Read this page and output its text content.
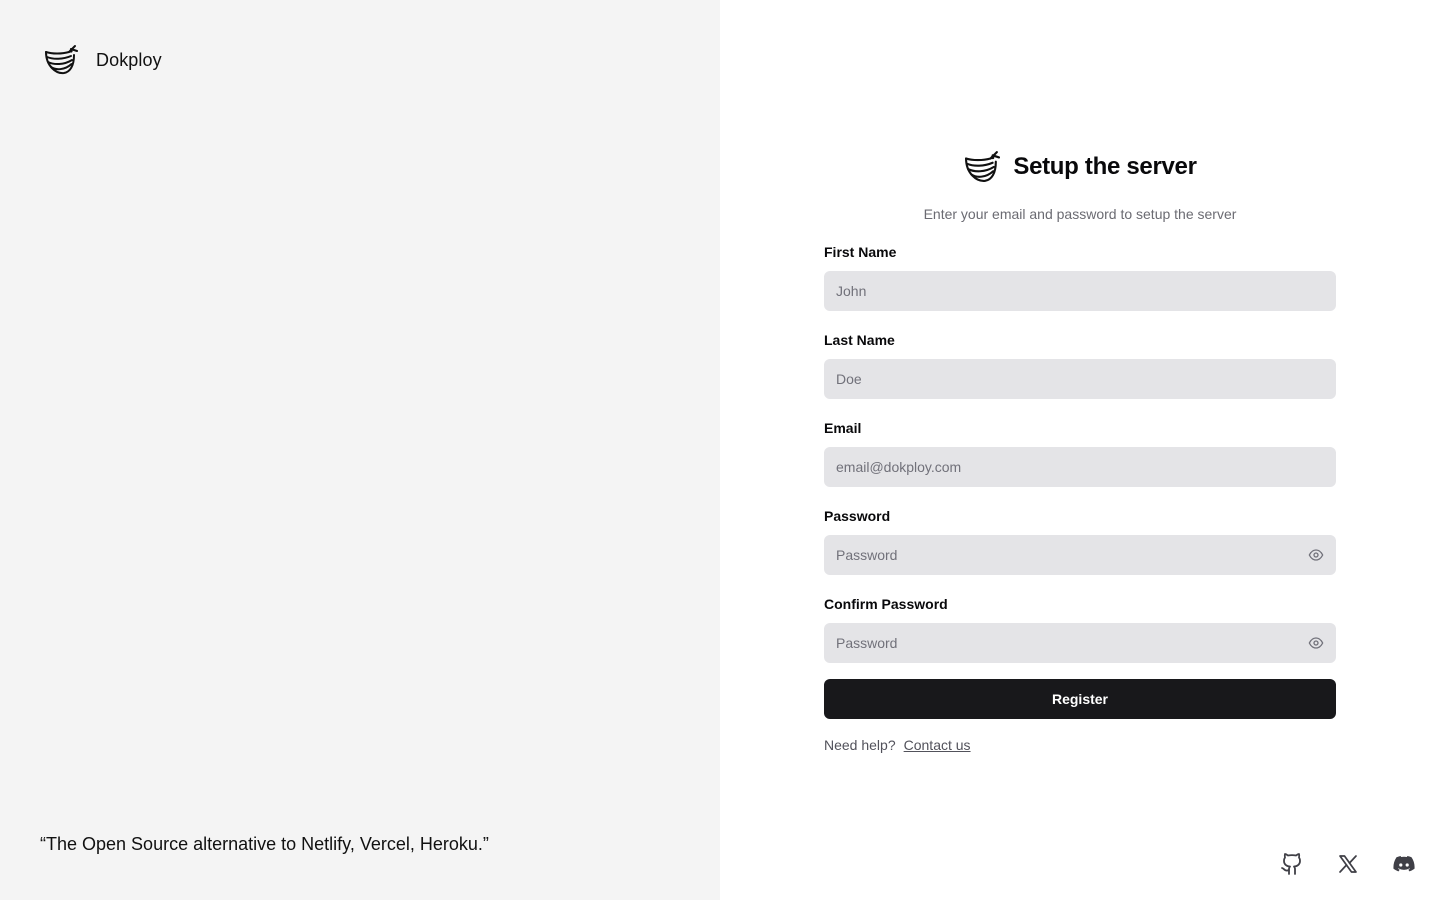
Dokploy

“The Open Source alternative to Netlify, Vercel, Heroku.”

Setup the server

Enter your email and password to setup the server

First Name
John
Last Name
Doe
Email
email@dokploy.com
Password
Confirm Password
Register
Need help? Contact us
